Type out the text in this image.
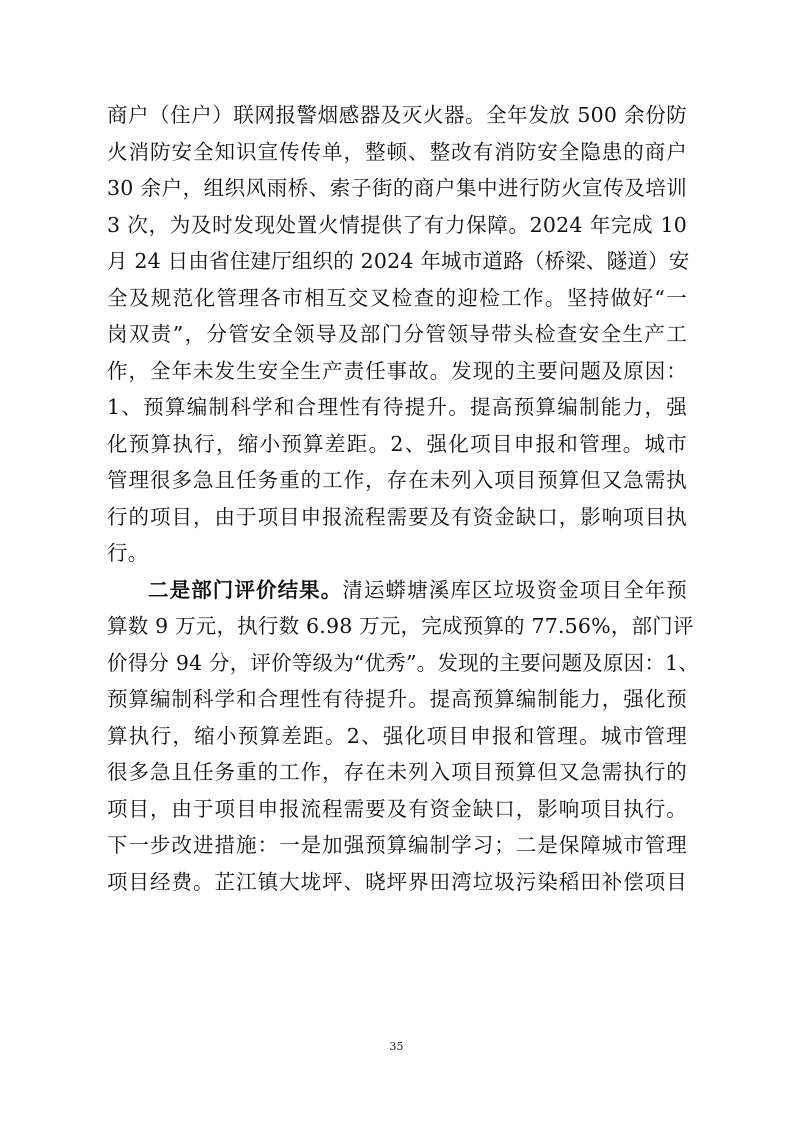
商户（住户）联网报警烟感器及灭火器。全年发放 500 余份防
火消防安全知识宣传传单，整顿、整改有消防安全隐患的商户
30 余户，组织风雨桥、索子街的商户集中进行防火宣传及培训
3 次，为及时发现处置火情提供了有力保障。2024 年完成 10
月 24 日由省住建厅组织的 2024 年城市道路（桥梁、隧道）安
全及规范化管理各市相互交叉检查的迎检工作。坚持做好“一
岗双责”，分管安全领导及部门分管领导带头检查安全生产工
作，全年未发生安全生产责任事故。发现的主要问题及原因：
1、预算编制科学和合理性有待提升。提高预算编制能力，强
化预算执行，缩小预算差距。2、强化项目申报和管理。城市
管理很多急且任务重的工作，存在未列入项目预算但又急需执
行的项目，由于项目申报流程需要及有资金缺口，影响项目执
行。
二是部门评价结果。清运蟒塘溪库区垃圾资金项目全年预
算数 9 万元，执行数 6.98 万元，完成预算的 77.56%，部门评
价得分 94 分，评价等级为“优秀”。发现的主要问题及原因：1、
预算编制科学和合理性有待提升。提高预算编制能力，强化预
算执行，缩小预算差距。2、强化项目申报和管理。城市管理
很多急且任务重的工作，存在未列入项目预算但又急需执行的
项目，由于项目申报流程需要及有资金缺口，影响项目执行。
下一步改进措施：一是加强预算编制学习；二是保障城市管理
项目经费。芷江镇大垅坪、晓坪界田湾垃圾污染稻田补偿项目
35
